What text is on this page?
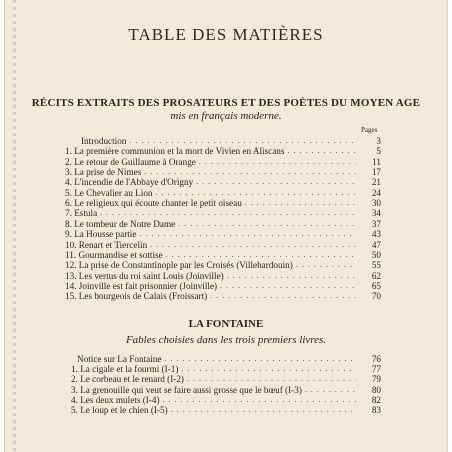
TABLE DES MATIÈRES
RÉCITS EXTRAITS DES PROSATEURS ET DES POÈTES DU MOYEN AGE
mis en français moderne.
Pages
Introduction . . .	3
1. La première communion et la mort de Vivien en Aliscans . . .	5
2. Le retour de Guillaume à Orange . . .	11
3. La prise de Nimes . . .	17
4. L'incendie de l'Abbaye d'Origny . . .	21
5. Le Chevalier au Lion . . .	24
6. Le religieux qui écoute chanter le petit oiseau . . .	30
7. Estula . . .	34
8. Le tombeur de Notre Dame . . .	37
9. La Housse partie . . .	43
10. Renart et Tiercelin . . .	47
11. Gourmandise et sottise . . .	50
12. La prise de Constantinople par les Croisés (Villehardouin) . . .	55
13. Les vertus du roi saint Louis (Joinville) . . .	62
14. Joinville est fait prisonnier (Joinville) . . .	65
15. Les bourgeois de Calais (Froissart) . . .	70
LA FONTAINE
Fables choisies dans les trois premiers livres.
Notice sur La Fontaine . . .	76
1. La cigale et la fourmi (I-1) . . .	77
2. Le corbeau et le renard (I-2) . . .	79
3. La grenouille qui veut se faire aussi grosse que le bœuf (I-3) . . .	80
4. Les deux mulets (I-4) . . .	82
5. Le loup et le chien (I-5) . . .	83
